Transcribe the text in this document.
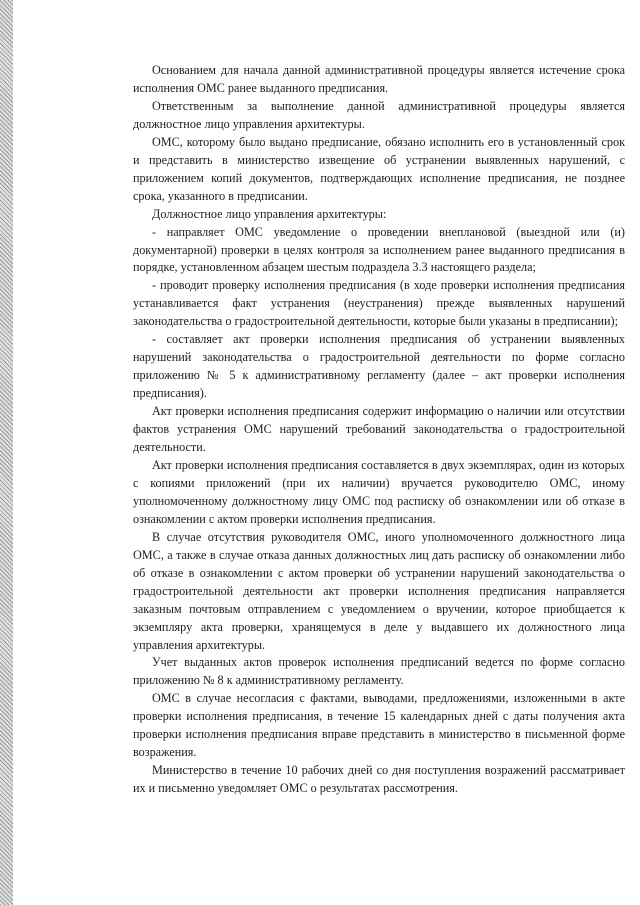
Основанием для начала данной административной процедуры является истечение срока исполнения ОМС ранее выданного предписания.

Ответственным за выполнение данной административной процедуры является должностное лицо управления архитектуры.

ОМС, которому было выдано предписание, обязано исполнить его в установленный срок и представить в министерство извещение об устранении выявленных нарушений, с приложением копий документов, подтверждающих исполнение предписания, не позднее срока, указанного в предписании.

Должностное лицо управления архитектуры:

- направляет ОМС уведомление о проведении внеплановой (выездной или (и) документарной) проверки в целях контроля за исполнением ранее выданного предписания в порядке, установленном абзацем шестым подраздела 3.3 настоящего раздела;

- проводит проверку исполнения предписания (в ходе проверки исполнения предписания устанавливается факт устранения (неустранения) прежде выявленных нарушений законодательства о градостроительной деятельности, которые были указаны в предписании);

- составляет акт проверки исполнения предписания об устранении выявленных нарушений законодательства о градостроительной деятельности по форме согласно приложению № 5 к административному регламенту (далее – акт проверки исполнения предписания).

Акт проверки исполнения предписания содержит информацию о наличии или отсутствии фактов устранения ОМС нарушений требований законодательства о градостроительной деятельности.

Акт проверки исполнения предписания составляется в двух экземплярах, один из которых с копиями приложений (при их наличии) вручается руководителю ОМС, иному уполномоченному должностному лицу ОМС под расписку об ознакомлении или об отказе в ознакомлении с актом проверки исполнения предписания.

В случае отсутствия руководителя ОМС, иного уполномоченного должностного лица ОМС, а также в случае отказа данных должностных лиц дать расписку об ознакомлении либо об отказе в ознакомлении с актом проверки об устранении нарушений законодательства о градостроительной деятельности акт проверки исполнения предписания направляется заказным почтовым отправлением с уведомлением о вручении, которое приобщается к экземпляру акта проверки, хранящемуся в деле у выдавшего их должностного лица управления архитектуры.

Учет выданных актов проверок исполнения предписаний ведется по форме согласно приложению № 8 к административному регламенту.

ОМС в случае несогласия с фактами, выводами, предложениями, изложенными в акте проверки исполнения предписания, в течение 15 календарных дней с даты получения акта проверки исполнения предписания вправе представить в министерство в письменной форме возражения.

Министерство в течение 10 рабочих дней со дня поступления возражений рассматривает их и письменно уведомляет ОМС о результатах рассмотрения.
